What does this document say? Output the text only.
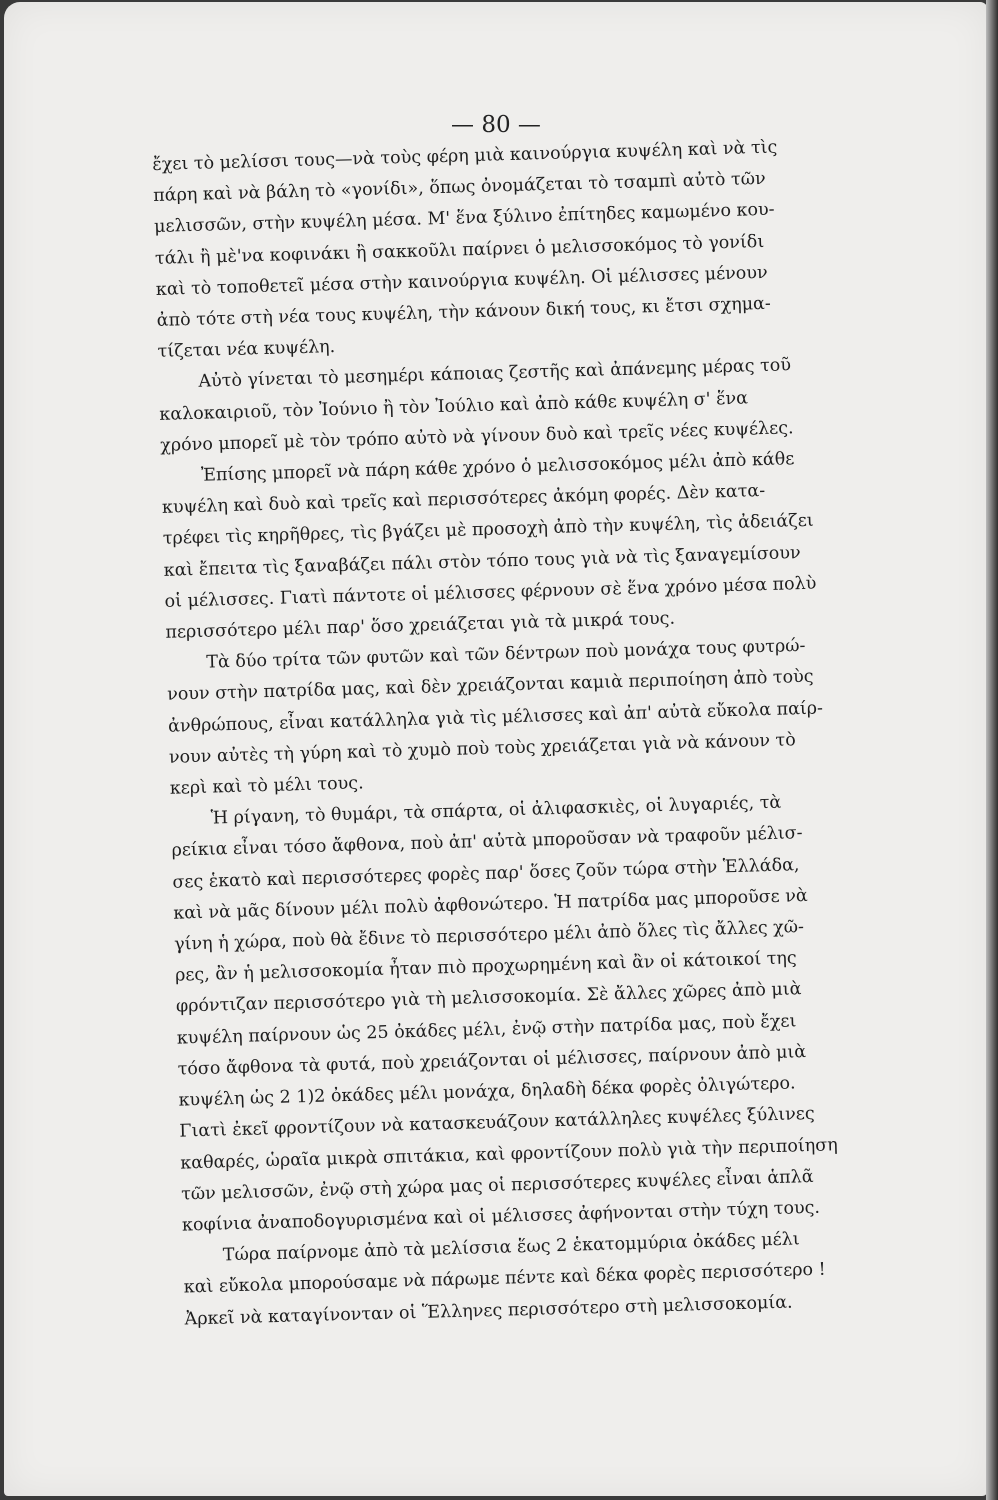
— 80 —
ἔχει τὸ μελίσσι τους—νὰ τοὺς φέρη μιὰ καινούργια κυψέλη καὶ νὰ τὶς
πάρη καὶ νὰ βάλη τὸ «γονίδι», ὅπως ὀνομάζεται τὸ τσαμπὶ αὐτὸ τῶν
μελισσῶν, στὴν κυψέλη μέσα. Μ' ἕνα ξύλινο ἐπίτηδες καμωμένο κου-
τάλι ἢ μὲ'να κοφινάκι ἢ σακκοῦλι παίρνει ὁ μελισσοκόμος τὸ γονίδι
καὶ τὸ τοποθετεῖ μέσα στὴν καινούργια κυψέλη. Οἱ μέλισσες μένουν
ἀπὸ τότε στὴ νέα τους κυψέλη, τὴν κάνουν δική τους, κι ἔτσι σχημα-
τίζεται νέα κυψέλη.
Αὐτὸ γίνεται τὸ μεσημέρι κάποιας ζεστῆς καὶ ἀπάνεμης μέρας τοῦ
καλοκαιριοῦ, τὸν Ἰούνιο ἢ τὸν Ἰούλιο καὶ ἀπὸ κάθε κυψέλη σ' ἕνα
χρόνο μπορεῖ μὲ τὸν τρόπο αὐτὸ νὰ γίνουν δυὸ καὶ τρεῖς νέες κυψέλες.
Ἐπίσης μπορεῖ νὰ πάρη κάθε χρόνο ὁ μελισσοκόμος μέλι ἀπὸ κάθε
κυψέλη καὶ δυὸ καὶ τρεῖς καὶ περισσότερες ἀκόμη φορές. Δὲν κατα-
τρέφει τὶς κηρῆθρες, τὶς βγάζει μὲ προσοχὴ ἀπὸ τὴν κυψέλη, τὶς ἀδειάζει
καὶ ἔπειτα τὶς ξαναβάζει πάλι στὸν τόπο τους γιὰ νὰ τὶς ξαναγεμίσουν
οἱ μέλισσες. Γιατὶ πάντοτε οἱ μέλισσες φέρνουν σὲ ἕνα χρόνο μέσα πολὺ
περισσότερο μέλι παρ' ὅσο χρειάζεται γιὰ τὰ μικρά τους.
Τὰ δύο τρίτα τῶν φυτῶν καὶ τῶν δέντρων ποὺ μονάχα τους φυτρώ-
νουν στὴν πατρίδα μας, καὶ δὲν χρειάζονται καμιὰ περιποίηση ἀπὸ τοὺς
ἀνθρώπους, εἶναι κατάλληλα γιὰ τὶς μέλισσες καὶ ἀπ' αὐτὰ εὔκολα παίρ-
νουν αὐτὲς τὴ γύρη καὶ τὸ χυμὸ ποὺ τοὺς χρειάζεται γιὰ νὰ κάνουν τὸ
κερὶ καὶ τὸ μέλι τους.
Ἡ ρίγανη, τὸ θυμάρι, τὰ σπάρτα, οἱ ἀλιφασκιὲς, οἱ λυγαριές, τὰ
ρείκια εἶναι τόσο ἄφθονα, ποὺ ἀπ' αὐτὰ μποροῦσαν νὰ τραφοῦν μέλισ-
σες ἑκατὸ καὶ περισσότερες φορὲς παρ' ὅσες ζοῦν τώρα στὴν Ἑλλάδα,
καὶ νὰ μᾶς δίνουν μέλι πολὺ ἀφθονώτερο. Ἡ πατρίδα μας μποροῦσε νὰ
γίνη ἡ χώρα, ποὺ θὰ ἔδινε τὸ περισσότερο μέλι ἀπὸ ὅλες τὶς ἄλλες χῶ-
ρες, ἂν ἡ μελισσοκομία ἦταν πιὸ προχωρημένη καὶ ἂν οἱ κάτοικοί της
φρόντιζαν περισσότερο γιὰ τὴ μελισσοκομία. Σὲ ἄλλες χῶρες ἀπὸ μιὰ
κυψέλη παίρνουν ὡς 25 ὀκάδες μέλι, ἐνῷ στὴν πατρίδα μας, ποὺ ἔχει
τόσο ἄφθονα τὰ φυτά, ποὺ χρειάζονται οἱ μέλισσες, παίρνουν ἀπὸ μιὰ
κυψέλη ὡς 2 1)2 ὀκάδες μέλι μονάχα, δηλαδὴ δέκα φορὲς ὀλιγώτερο.
Γιατὶ ἐκεῖ φροντίζουν νὰ κατασκευάζουν κατάλληλες κυψέλες ξύλινες
καθαρές, ὡραῖα μικρὰ σπιτάκια, καὶ φροντίζουν πολὺ γιὰ τὴν περιποίηση
τῶν μελισσῶν, ἐνῷ στὴ χώρα μας οἱ περισσότερες κυψέλες εἶναι ἁπλᾶ
κοφίνια ἀναποδογυρισμένα καὶ οἱ μέλισσες ἀφήνονται στὴν τύχη τους.
Τώρα παίρνομε ἀπὸ τὰ μελίσσια ἕως 2 ἑκατομμύρια ὀκάδες μέλι
καὶ εὔκολα μπορούσαμε νὰ πάρωμε πέντε καὶ δέκα φορὲς περισσότερο !
Ἀρκεῖ νὰ καταγίνονταν οἱ Ἕλληνες περισσότερο στὴ μελισσοκομία.
